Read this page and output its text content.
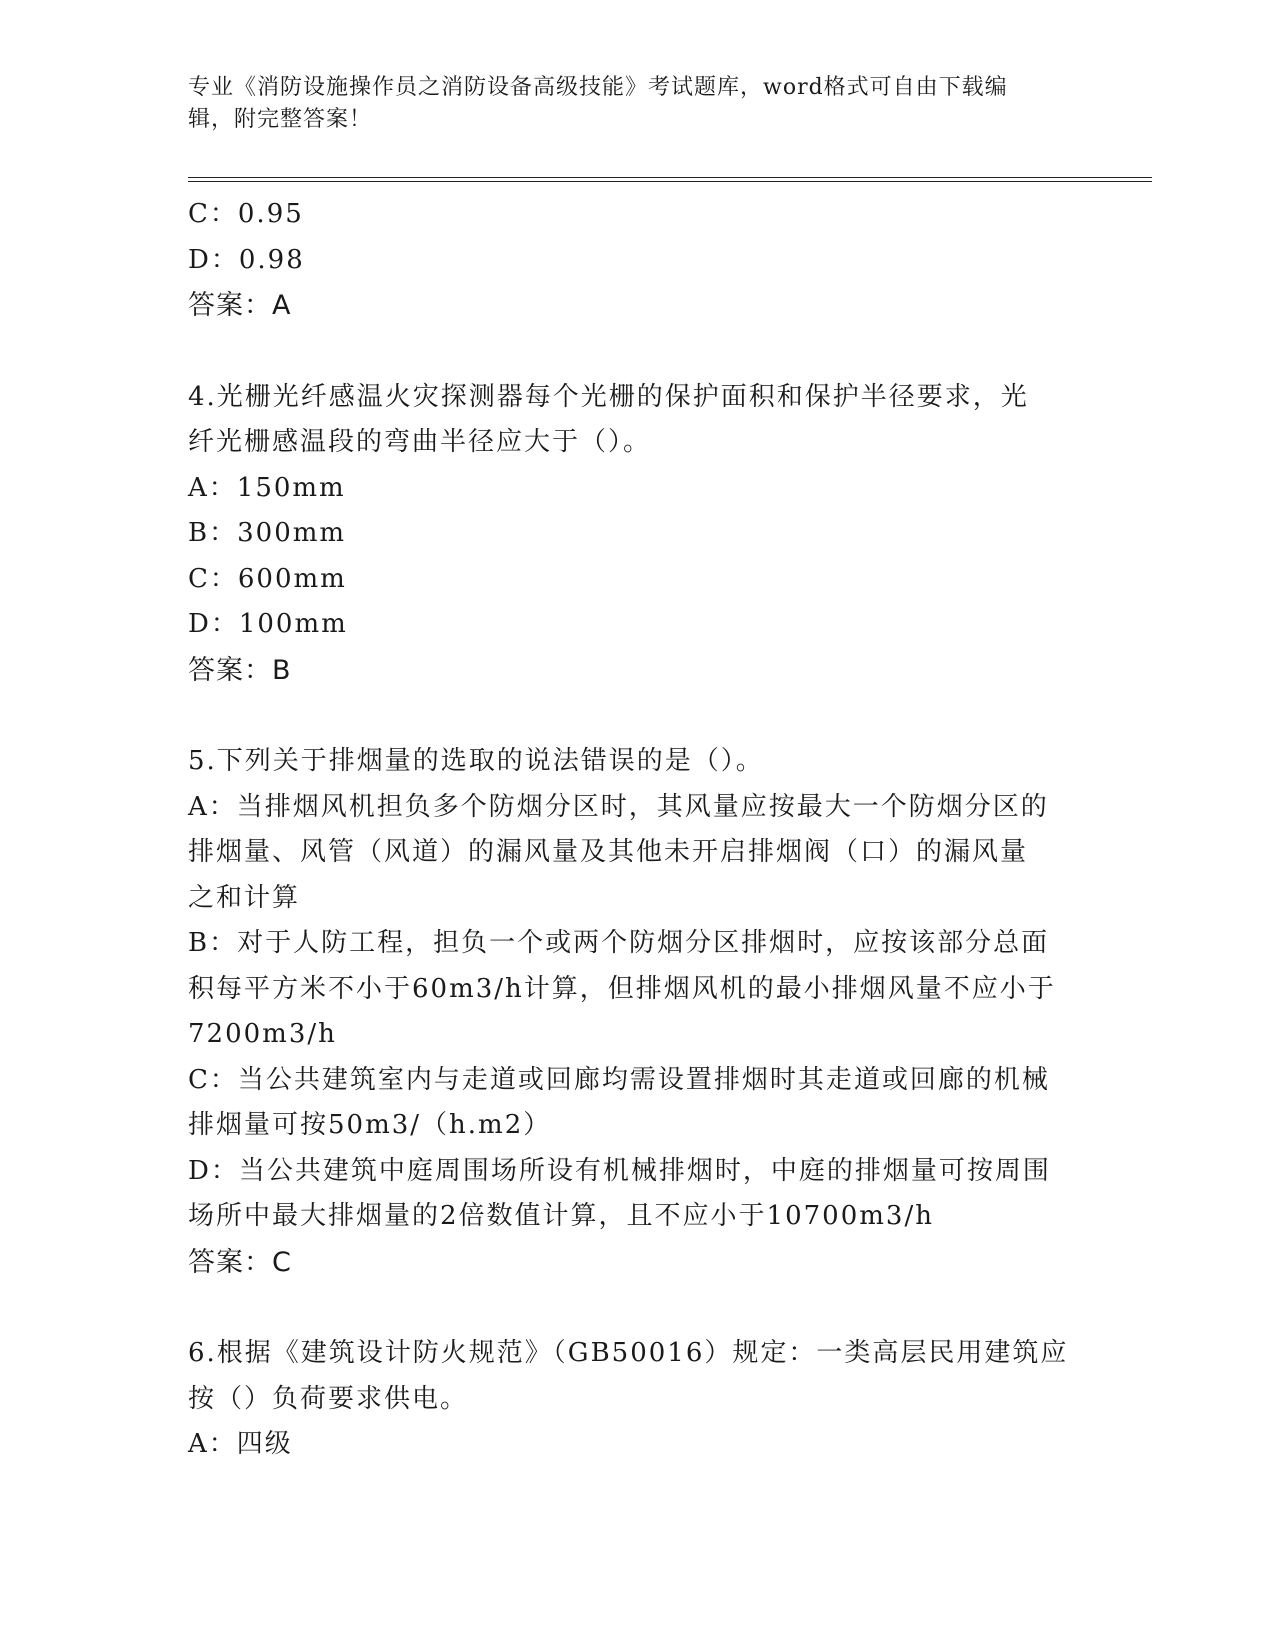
专业《消防设施操作员之消防设备高级技能》考试题库，word格式可自由下载编
辑，附完整答案！
C：0.95
D：0.98
答案：A
4.光栅光纤感温火灾探测器每个光栅的保护面积和保护半径要求，光
纤光栅感温段的弯曲半径应大于（）。
A：150mm
B：300mm
C：600mm
D：100mm
答案：B
5.下列关于排烟量的选取的说法错误的是（）。
A：当排烟风机担负多个防烟分区时，其风量应按最大一个防烟分区的
排烟量、风管（风道）的漏风量及其他未开启排烟阀（口）的漏风量
之和计算
B：对于人防工程，担负一个或两个防烟分区排烟时，应按该部分总面
积每平方米不小于60m3/h计算，但排烟风机的最小排烟风量不应小于
7200m3/h
C：当公共建筑室内与走道或回廊均需设置排烟时其走道或回廊的机械
排烟量可按50m3/（h.m2）
D：当公共建筑中庭周围场所设有机械排烟时，中庭的排烟量可按周围
场所中最大排烟量的2倍数值计算，且不应小于10700m3/h
答案：C
6.根据《建筑设计防火规范》（GB50016）规定：一类高层民用建筑应
按（）负荷要求供电。
A：四级
